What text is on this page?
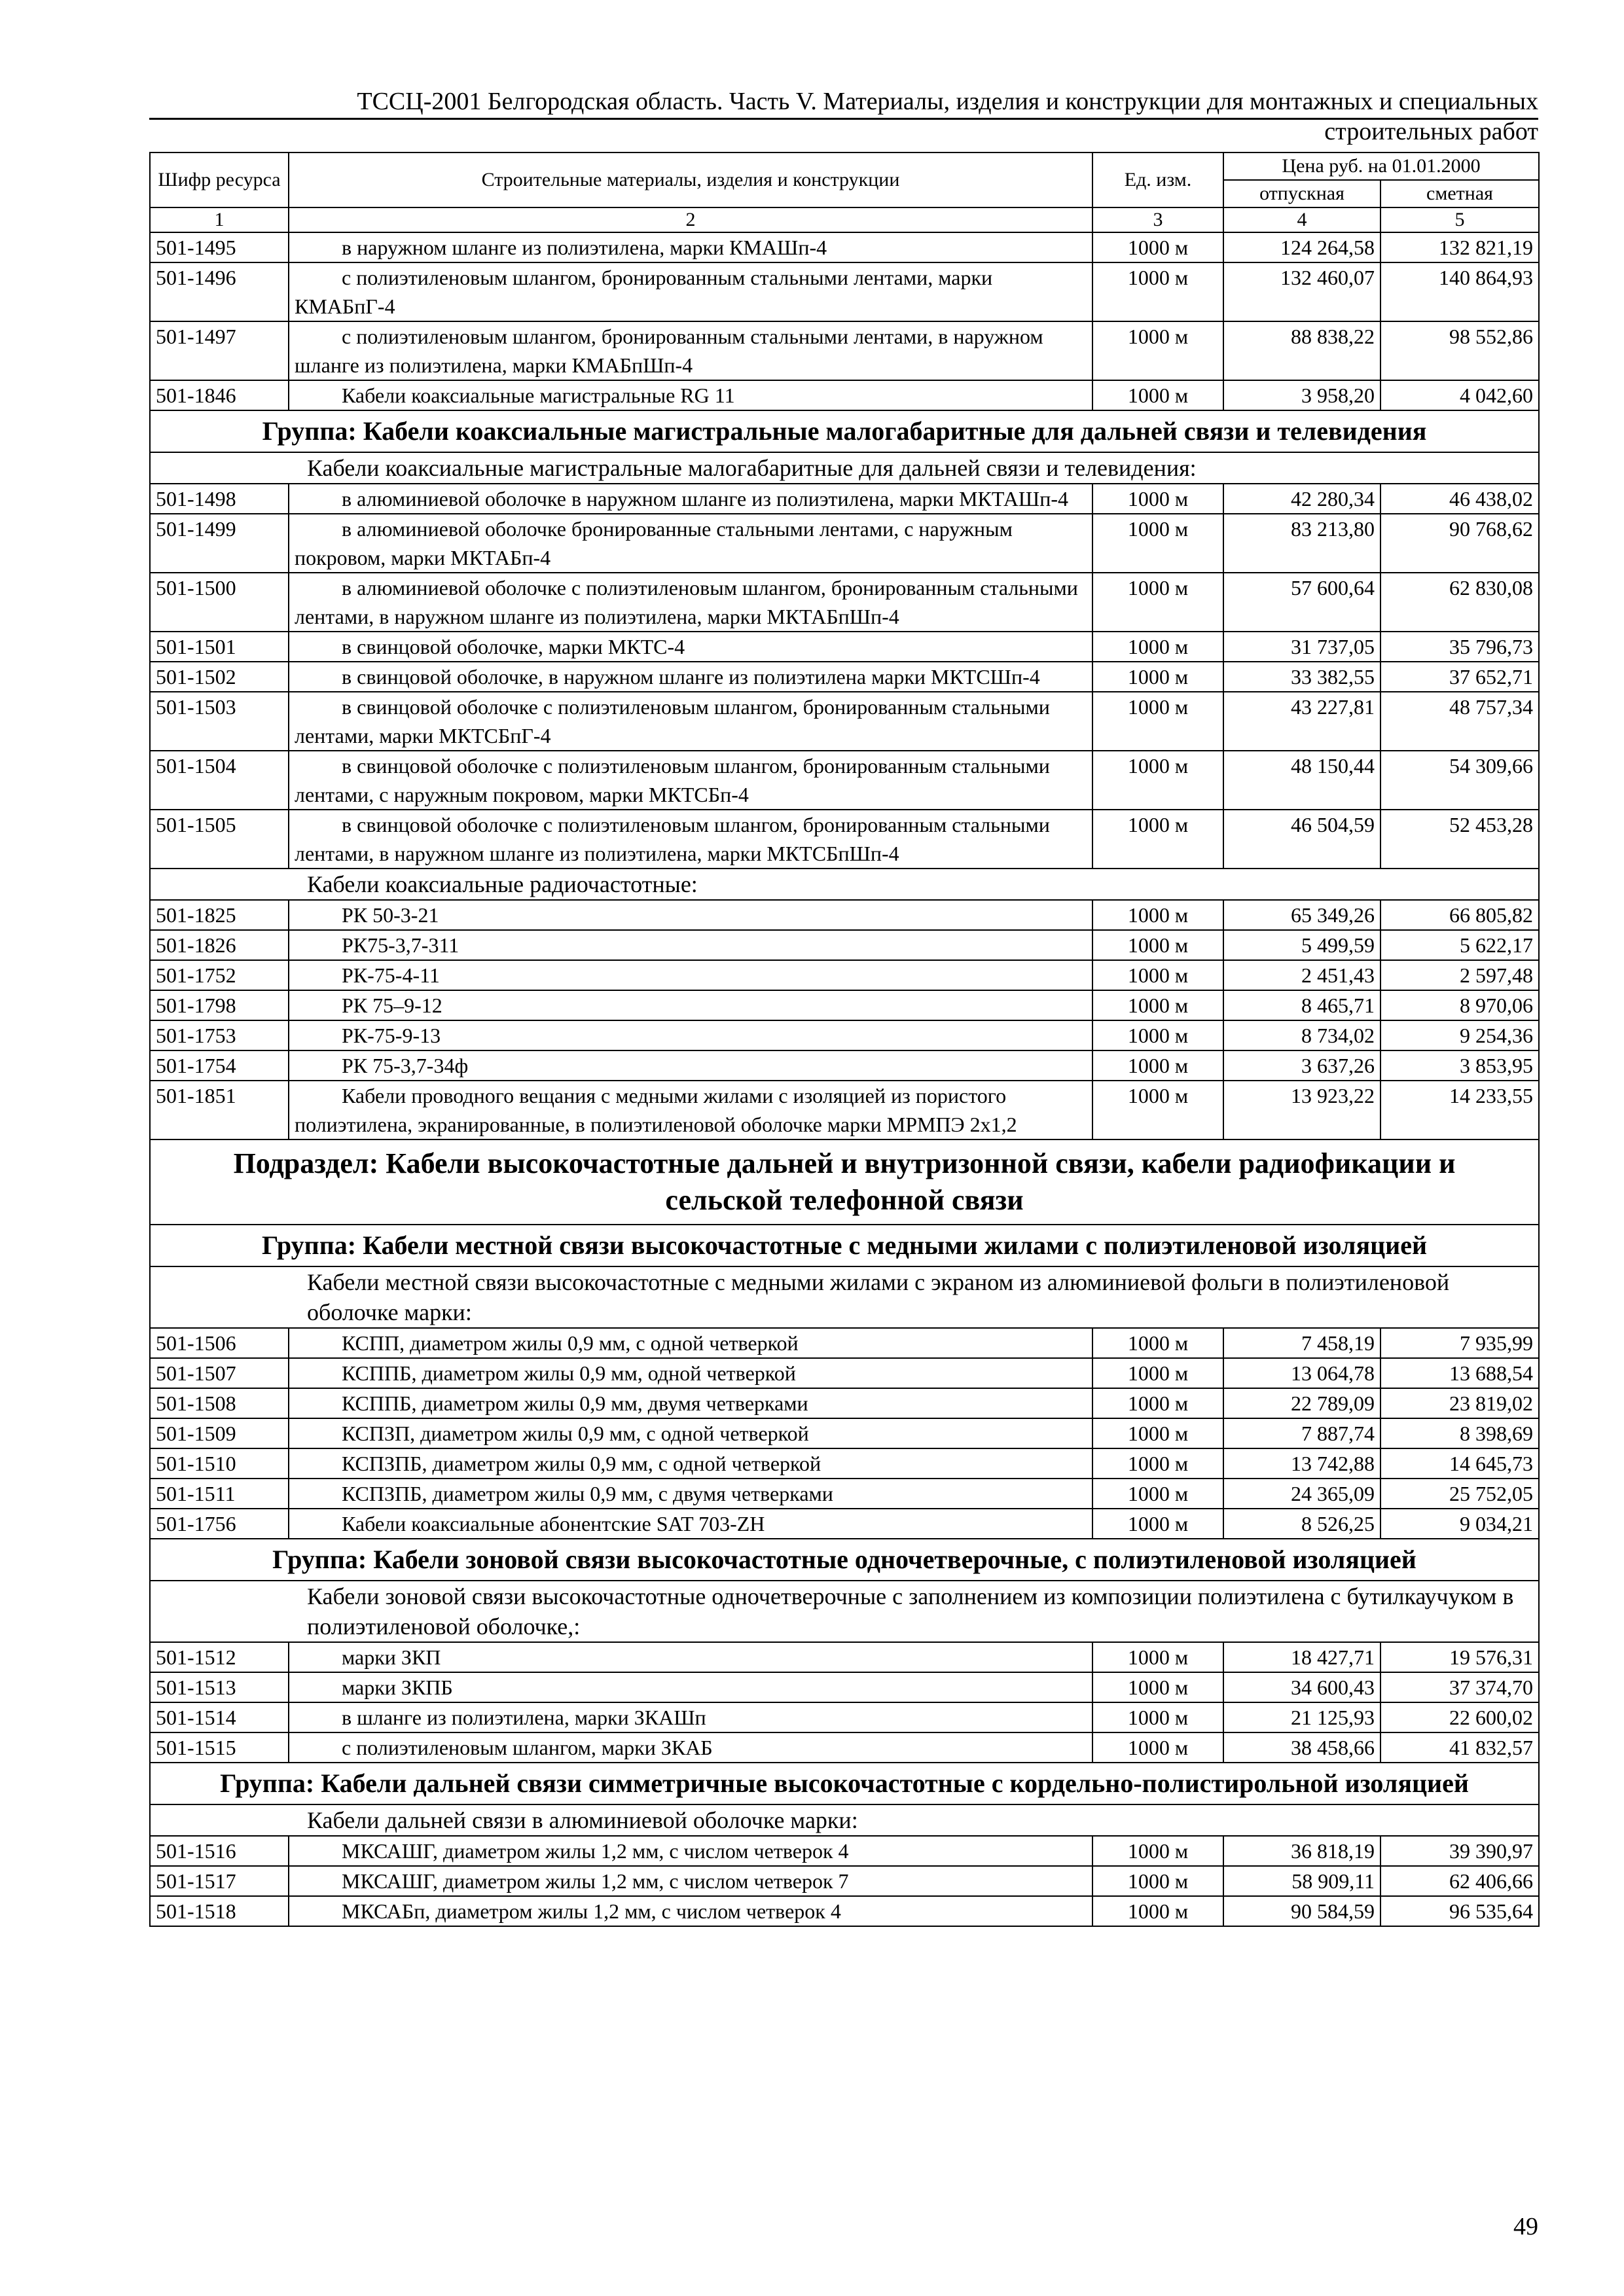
ТССЦ-2001 Белгородская область. Часть V. Материалы, изделия и конструкции для монтажных и специальных
строительных работ
Шифр ресурса	Строительные материалы, изделия и конструкции	Ед. изм.	Цена руб. на 01.01.2000	
			отпускная	сметная
1	2	3	4	5
501-1495	в наружном шланге из полиэтилена, марки КМАШп-4	1000 м	124 264,58	132 821,19
501-1496	с полиэтиленовым шлангом, бронированным стальными лентами, марки КМАБпГ-4	1000 м	132 460,07	140 864,93
501-1497	с полиэтиленовым шлангом, бронированным стальными лентами, в наружном шланге из полиэтилена, марки КМАБпШп-4	1000 м	88 838,22	98 552,86
501-1846	Кабели коаксиальные магистральные RG 11	1000 м	3 958,20	4 042,60
Группа: Кабели коаксиальные магистральные малогабаритные для дальней связи и телевидения				
	Кабели коаксиальные магистральные малогабаритные для дальней связи и телевидения:			
501-1498	в алюминиевой оболочке в наружном шланге из полиэтилена, марки МКТАШп-4	1000 м	42 280,34	46 438,02
501-1499	в алюминиевой оболочке бронированные стальными лентами, с наружным покровом, марки МКТАБп-4	1000 м	83 213,80	90 768,62
501-1500	в алюминиевой оболочке с полиэтиленовым шлангом, бронированным стальными лентами, в наружном шланге из полиэтилена, марки МКТАБпШп-4	1000 м	57 600,64	62 830,08
501-1501	в свинцовой оболочке, марки МКТС-4	1000 м	31 737,05	35 796,73
501-1502	в свинцовой оболочке, в наружном шланге из полиэтилена марки МКТСШп-4	1000 м	33 382,55	37 652,71
501-1503	в свинцовой оболочке с полиэтиленовым шлангом, бронированным стальными лентами, марки МКТСБпГ-4	1000 м	43 227,81	48 757,34
501-1504	в свинцовой оболочке с полиэтиленовым шлангом, бронированным стальными лентами, с наружным покровом, марки МКТСБп-4	1000 м	48 150,44	54 309,66
501-1505	в свинцовой оболочке с полиэтиленовым шлангом, бронированным стальными лентами, в наружном шланге из полиэтилена, марки МКТСБпШп-4	1000 м	46 504,59	52 453,28
	Кабели коаксиальные радиочастотные:			
501-1825	РК 50-3-21	1000 м	65 349,26	66 805,82
501-1826	РК75-3,7-311	1000 м	5 499,59	5 622,17
501-1752	РК-75-4-11	1000 м	2 451,43	2 597,48
501-1798	РК 75–9-12	1000 м	8 465,71	8 970,06
501-1753	РК-75-9-13	1000 м	8 734,02	9 254,36
501-1754	РК 75-3,7-34ф	1000 м	3 637,26	3 853,95
501-1851	Кабели проводного вещания с медными жилами с изоляцией из пористого полиэтилена, экранированные, в полиэтиленовой оболочке марки МРМПЭ 2х1,2	1000 м	13 923,22	14 233,55
Подраздел: Кабели высокочастотные дальней и внутризонной связи, кабели радиофикации и сельской телефонной связи				
Группа: Кабели местной связи высокочастотные с медными жилами с полиэтиленовой изоляцией				
	Кабели местной связи высокочастотные с медными жилами с экраном из алюминиевой фольги в полиэтиленовой оболочке марки:			
501-1506	КСПП, диаметром жилы 0,9 мм, с одной четверкой	1000 м	7 458,19	7 935,99
501-1507	КСППБ, диаметром жилы 0,9 мм, одной четверкой	1000 м	13 064,78	13 688,54
501-1508	КСППБ, диаметром жилы 0,9 мм, двумя четверками	1000 м	22 789,09	23 819,02
501-1509	КСПЗП, диаметром жилы 0,9 мм, с одной четверкой	1000 м	7 887,74	8 398,69
501-1510	КСПЗПБ, диаметром жилы 0,9 мм, с одной четверкой	1000 м	13 742,88	14 645,73
501-1511	КСПЗПБ, диаметром жилы 0,9 мм, с двумя четверками	1000 м	24 365,09	25 752,05
501-1756	Кабели коаксиальные абонентские SAT 703-ZH	1000 м	8 526,25	9 034,21
Группа: Кабели зоновой связи высокочастотные одночетверочные, с полиэтиленовой изоляцией				
	Кабели зоновой связи высокочастотные одночетверочные с заполнением из композиции полиэтилена с бутилкаучуком в полиэтиленовой оболочке,:			
501-1512	марки ЗКП	1000 м	18 427,71	19 576,31
501-1513	марки ЗКПБ	1000 м	34 600,43	37 374,70
501-1514	в шланге из полиэтилена, марки ЗКАШп	1000 м	21 125,93	22 600,02
501-1515	с полиэтиленовым шлангом, марки ЗКАБ	1000 м	38 458,66	41 832,57
Группа: Кабели дальней связи симметричные высокочастотные с кордельно-полистирольной изоляцией				
	Кабели дальней связи в алюминиевой оболочке марки:			
501-1516	МКСАШГ, диаметром жилы 1,2 мм, с числом четверок 4	1000 м	36 818,19	39 390,97
501-1517	МКСАШГ, диаметром жилы 1,2 мм, с числом четверок 7	1000 м	58 909,11	62 406,66
501-1518	МКСАБп, диаметром жилы 1,2 мм, с числом четверок 4	1000 м	90 584,59	96 535,64
49
